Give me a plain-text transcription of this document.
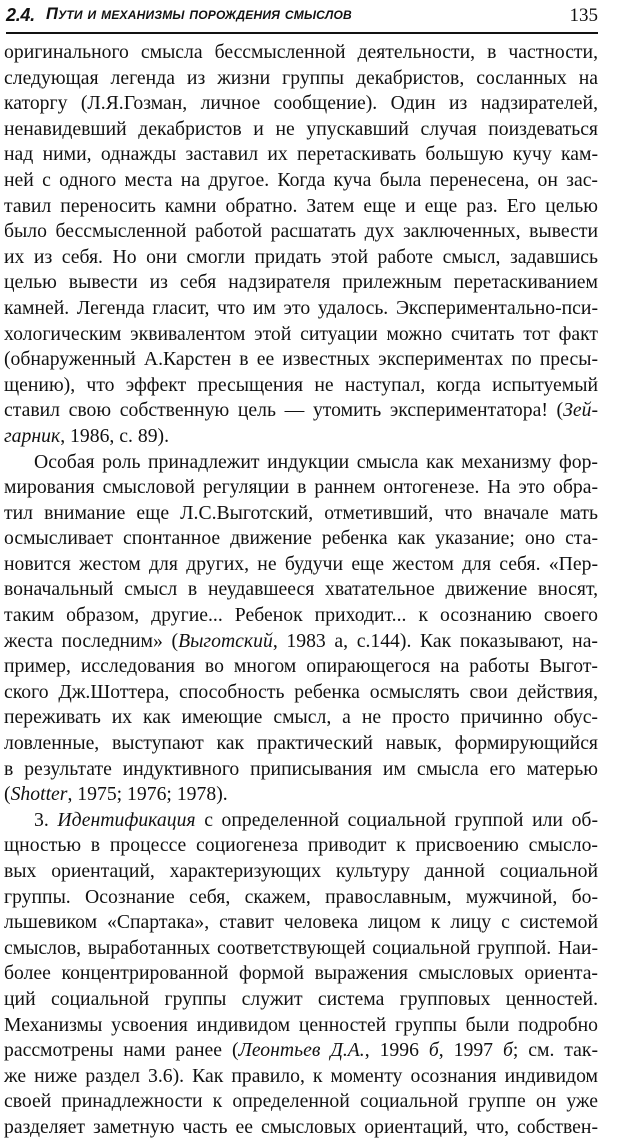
2.4. Пути и механизмы порождения смыслов	135
оригинального смысла бессмысленной деятельности, в частности,
следующая легенда из жизни группы декабристов, сосланных на
каторгу (Л.Я.Гозман, личное сообщение). Один из надзирателей,
ненавидевший декабристов и не упускавший случая поиздеваться
над ними, однажды заставил их перетаскивать большую кучу кам-
ней с одного места на другое. Когда куча была перенесена, он зас-
тавил переносить камни обратно. Затем еще и еще раз. Его целью
было бессмысленной работой расшатать дух заключенных, вывести
их из себя. Но они смогли придать этой работе смысл, задавшись
целью вывести из себя надзирателя прилежным перетаскиванием
камней. Легенда гласит, что им это удалось. Экспериментально-пси-
хологическим эквивалентом этой ситуации можно считать тот факт
(обнаруженный А.Карстен в ее известных экспериментах по пресы-
щению), что эффект пресыщения не наступал, когда испытуемый
ставил свою собственную цель — утомить экспериментатора! (Зей-
гарник, 1986, с. 89).
Особая роль принадлежит индукции смысла как механизму фор-
мирования смысловой регуляции в раннем онтогенезе. На это обра-
тил внимание еще Л.С.Выготский, отметивший, что вначале мать
осмысливает спонтанное движение ребенка как указание; оно ста-
новится жестом для других, не будучи еще жестом для себя. «Пер-
воначальный смысл в неудавшееся хватательное движение вносят,
таким образом, другие... Ребенок приходит... к осознанию своего
жеста последним» (Выготский, 1983 а, с.144). Как показывают, на-
пример, исследования во многом опирающегося на работы Выгот-
ского Дж.Шоттера, способность ребенка осмыслять свои действия,
переживать их как имеющие смысл, а не просто причинно обус-
ловленные, выступают как практический навык, формирующийся
в результате индуктивного приписывания им смысла его матерью
(Shotter, 1975; 1976; 1978).
3. Идентификация с определенной социальной группой или об-
щностью в процессе социогенеза приводит к присвоению смысло-
вых ориентаций, характеризующих культуру данной социальной
группы. Осознание себя, скажем, православным, мужчиной, бо-
льшевиком «Спартака», ставит человека лицом к лицу с системой
смыслов, выработанных соответствующей социальной группой. Наи-
более концентрированной формой выражения смысловых ориента-
ций социальной группы служит система групповых ценностей.
Механизмы усвоения индивидом ценностей группы были подробно
рассмотрены нами ранее (Леонтьев Д.А., 1996 б, 1997 б; см. так-
же ниже раздел 3.6). Как правило, к моменту осознания индивидом
своей принадлежности к определенной социальной группе он уже
разделяет заметную часть ее смысловых ориентаций, что, собствен-
